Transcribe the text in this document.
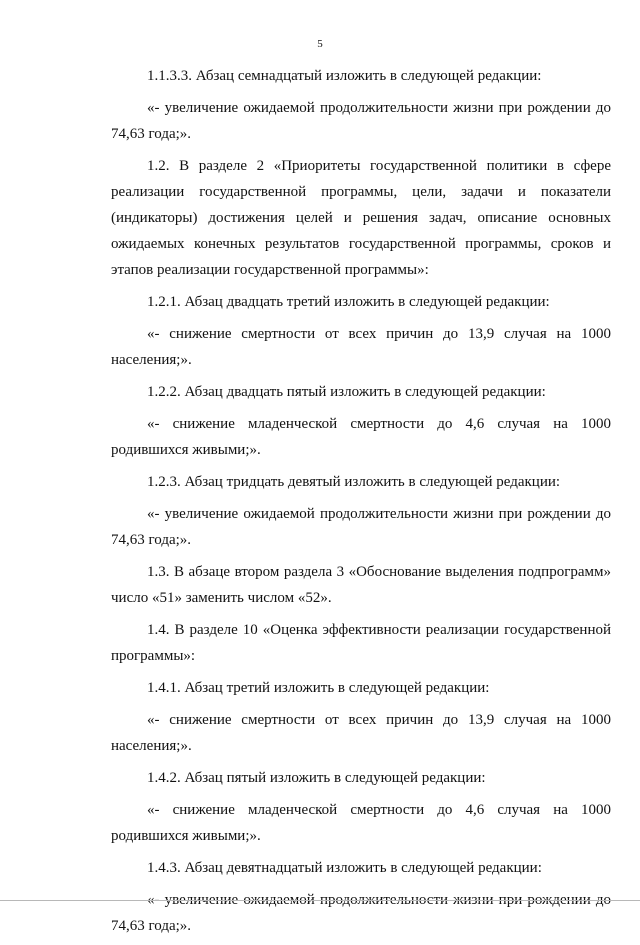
5

1.1.3.3. Абзац семнадцатый изложить в следующей редакции:

«- увеличение ожидаемой продолжительности жизни при рождении до 74,63 года;».

1.2. В разделе 2 «Приоритеты государственной политики в сфере реализации государственной программы, цели, задачи и показатели (индикаторы) достижения целей и решения задач, описание основных ожидаемых конечных результатов государственной программы, сроков и этапов реализации государственной программы»:

1.2.1. Абзац двадцать третий изложить в следующей редакции:

«- снижение смертности от всех причин до 13,9 случая на 1000 населения;».

1.2.2. Абзац двадцать пятый изложить в следующей редакции:

«- снижение младенческой смертности до 4,6 случая на 1000 родившихся живыми;».

1.2.3. Абзац тридцать девятый изложить в следующей редакции:

«- увеличение ожидаемой продолжительности жизни при рождении до 74,63 года;».

1.3. В абзаце втором раздела 3 «Обоснование выделения подпрограмм» число «51» заменить числом «52».

1.4. В разделе 10 «Оценка эффективности реализации государственной программы»:

1.4.1. Абзац третий изложить в следующей редакции:

«- снижение смертности от всех причин до 13,9 случая на 1000 населения;».

1.4.2. Абзац пятый изложить в следующей редакции:

«- снижение младенческой смертности до 4,6 случая на 1000 родившихся живыми;».

1.4.3. Абзац девятнадцатый изложить в следующей редакции:

«- увеличение ожидаемой продолжительности жизни при рождении до 74,63 года;».
